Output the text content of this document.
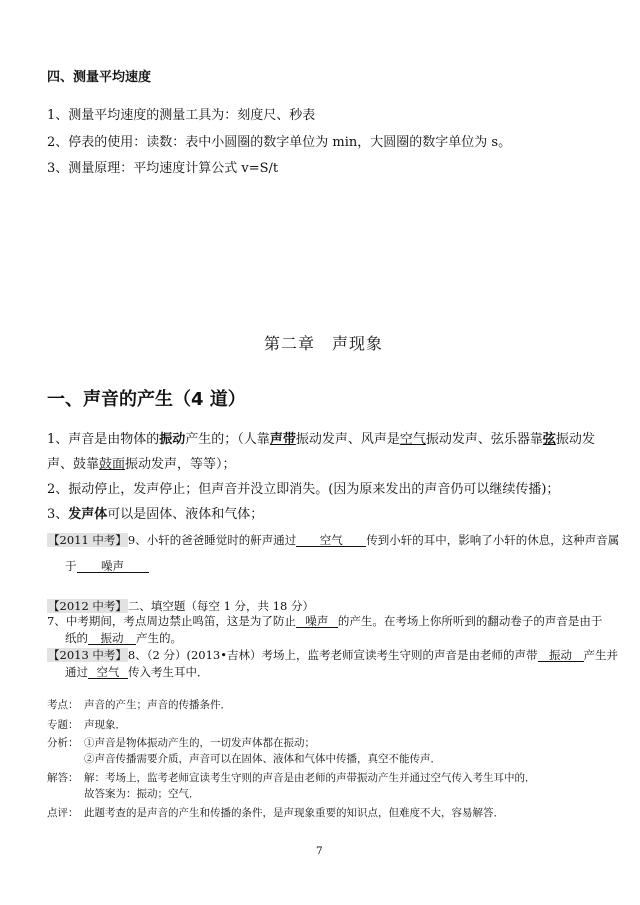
四、测量平均速度
1、测量平均速度的测量工具为：刻度尺、秒表
2、停表的使用：读数：表中小圆圈的数字单位为 min，大圆圈的数字单位为 s。
3、测量原理：平均速度计算公式 v=S/t
第二章　声现象
一、声音的产生（4 道）
1、声音是由物体的振动产生的；（人靠声带振动发声、风声是空气振动发声、弦乐器靠弦振动发
声、鼓靠鼓面振动发声，等等）；
2、振动停止，发声停止；但声音并没立即消失。(因为原来发出的声音仍可以继续传播)；
3、发声体可以是固体、液体和气体；
【2011 中考】9、小轩的爸爸睡觉时的鼾声通过 空气 传到小轩的耳中，影响了小轩的休息，这种声音属
于 噪声
【2012 中考】二、填空题（每空 1 分，共 18 分）
7、中考期间，考点周边禁止鸣笛，这是为了防止 噪声 的产生。在考场上你所听到的翻动卷子的声音是由于
纸的 振动 产生的。
【2013 中考】8、（2 分）(2013•吉林）考场上，监考老师宣读考生守则的声音是由老师的声带 振动 产生并
通过 空气 传入考生耳中．
考点： 声音的产生；声音的传播条件．
专题： 声现象．
分析： ①声音是物体振动产生的，一切发声体都在振动；
②声音传播需要介质，声音可以在固体、液体和气体中传播，真空不能传声．
解答： 解：考场上，监考老师宣读考生守则的声音是由老师的声带振动产生并通过空气传入考生耳中的．
故答案为：振动；空气．
点评： 此题考查的是声音的产生和传播的条件，是声现象重要的知识点，但难度不大，容易解答．
7
